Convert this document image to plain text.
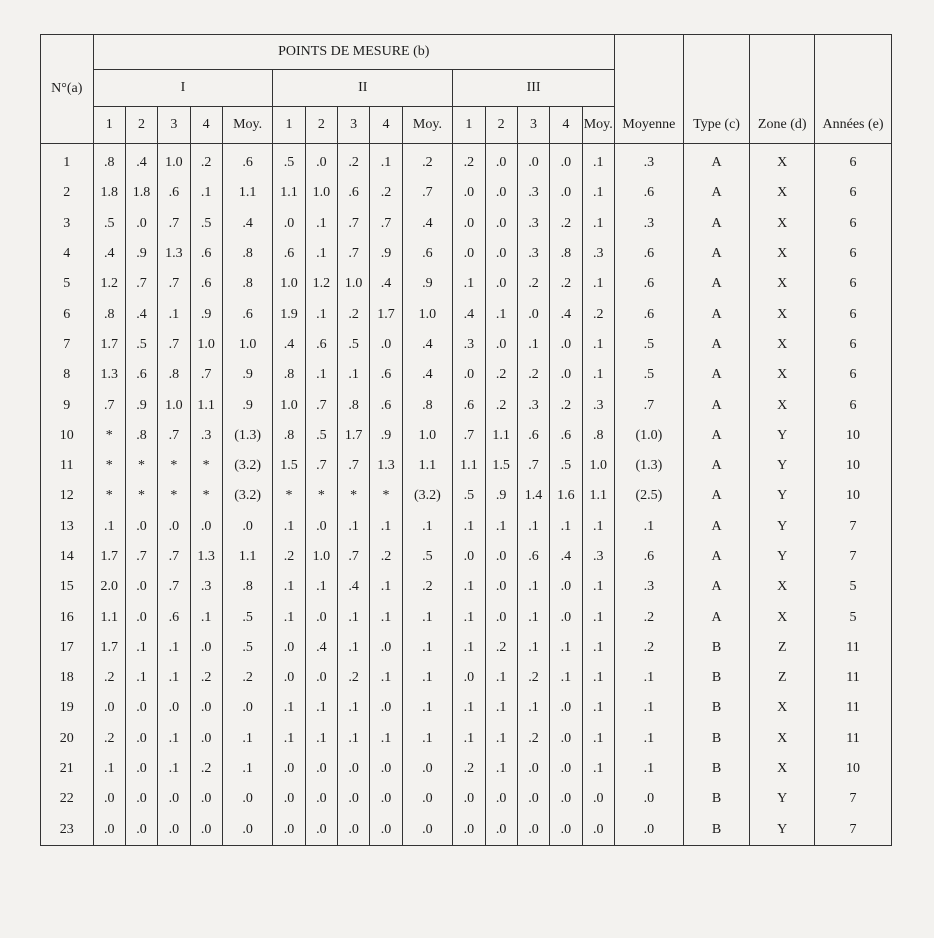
N°(a)	POINTS DE MESURE (b)															Moyenne	Type (c)	Zone (d)	Années (e)
	I					II					III								
	1	2	3	4	Moy.	1	2	3	4	Moy.	1	2	3	4	Moy.				
1	.8	.4	1.0	.2	.6	.5	.0	.2	.1	.2	.2	.0	.0	.0	.1	.3	A	X	6
2	1.8	1.8	.6	.1	1.1	1.1	1.0	.6	.2	.7	.0	.0	.3	.0	.1	.6	A	X	6
3	.5	.0	.7	.5	.4	.0	.1	.7	.7	.4	.0	.0	.3	.2	.1	.3	A	X	6
4	.4	.9	1.3	.6	.8	.6	.1	.7	.9	.6	.0	.0	.3	.8	.3	.6	A	X	6
5	1.2	.7	.7	.6	.8	1.0	1.2	1.0	.4	.9	.1	.0	.2	.2	.1	.6	A	X	6
6	.8	.4	.1	.9	.6	1.9	.1	.2	1.7	1.0	.4	.1	.0	.4	.2	.6	A	X	6
7	1.7	.5	.7	1.0	1.0	.4	.6	.5	.0	.4	.3	.0	.1	.0	.1	.5	A	X	6
8	1.3	.6	.8	.7	.9	.8	.1	.1	.6	.4	.0	.2	.2	.0	.1	.5	A	X	6
9	.7	.9	1.0	1.1	.9	1.0	.7	.8	.6	.8	.6	.2	.3	.2	.3	.7	A	X	6
10	*	.8	.7	.3	(1.3)	.8	.5	1.7	.9	1.0	.7	1.1	.6	.6	.8	(1.0)	A	Y	10
11	*	*	*	*	(3.2)	1.5	.7	.7	1.3	1.1	1.1	1.5	.7	.5	1.0	(1.3)	A	Y	10
12	*	*	*	*	(3.2)	*	*	*	*	(3.2)	.5	.9	1.4	1.6	1.1	(2.5)	A	Y	10
13	.1	.0	.0	.0	.0	.1	.0	.1	.1	.1	.1	.1	.1	.1	.1	.1	A	Y	7
14	1.7	.7	.7	1.3	1.1	.2	1.0	.7	.2	.5	.0	.0	.6	.4	.3	.6	A	Y	7
15	2.0	.0	.7	.3	.8	.1	.1	.4	.1	.2	.1	.0	.1	.0	.1	.3	A	X	5
16	1.1	.0	.6	.1	.5	.1	.0	.1	.1	.1	.1	.0	.1	.0	.1	.2	A	X	5
17	1.7	.1	.1	.0	.5	.0	.4	.1	.0	.1	.1	.2	.1	.1	.1	.2	B	Z	11
18	.2	.1	.1	.2	.2	.0	.0	.2	.1	.1	.0	.1	.2	.1	.1	.1	B	Z	11
19	.0	.0	.0	.0	.0	.1	.1	.1	.0	.1	.1	.1	.1	.0	.1	.1	B	X	11
20	.2	.0	.1	.0	.1	.1	.1	.1	.1	.1	.1	.1	.2	.0	.1	.1	B	X	11
21	.1	.0	.1	.2	.1	.0	.0	.0	.0	.0	.2	.1	.0	.0	.1	.1	B	X	10
22	.0	.0	.0	.0	.0	.0	.0	.0	.0	.0	.0	.0	.0	.0	.0	.0	B	Y	7
23	.0	.0	.0	.0	.0	.0	.0	.0	.0	.0	.0	.0	.0	.0	.0	.0	B	Y	7
